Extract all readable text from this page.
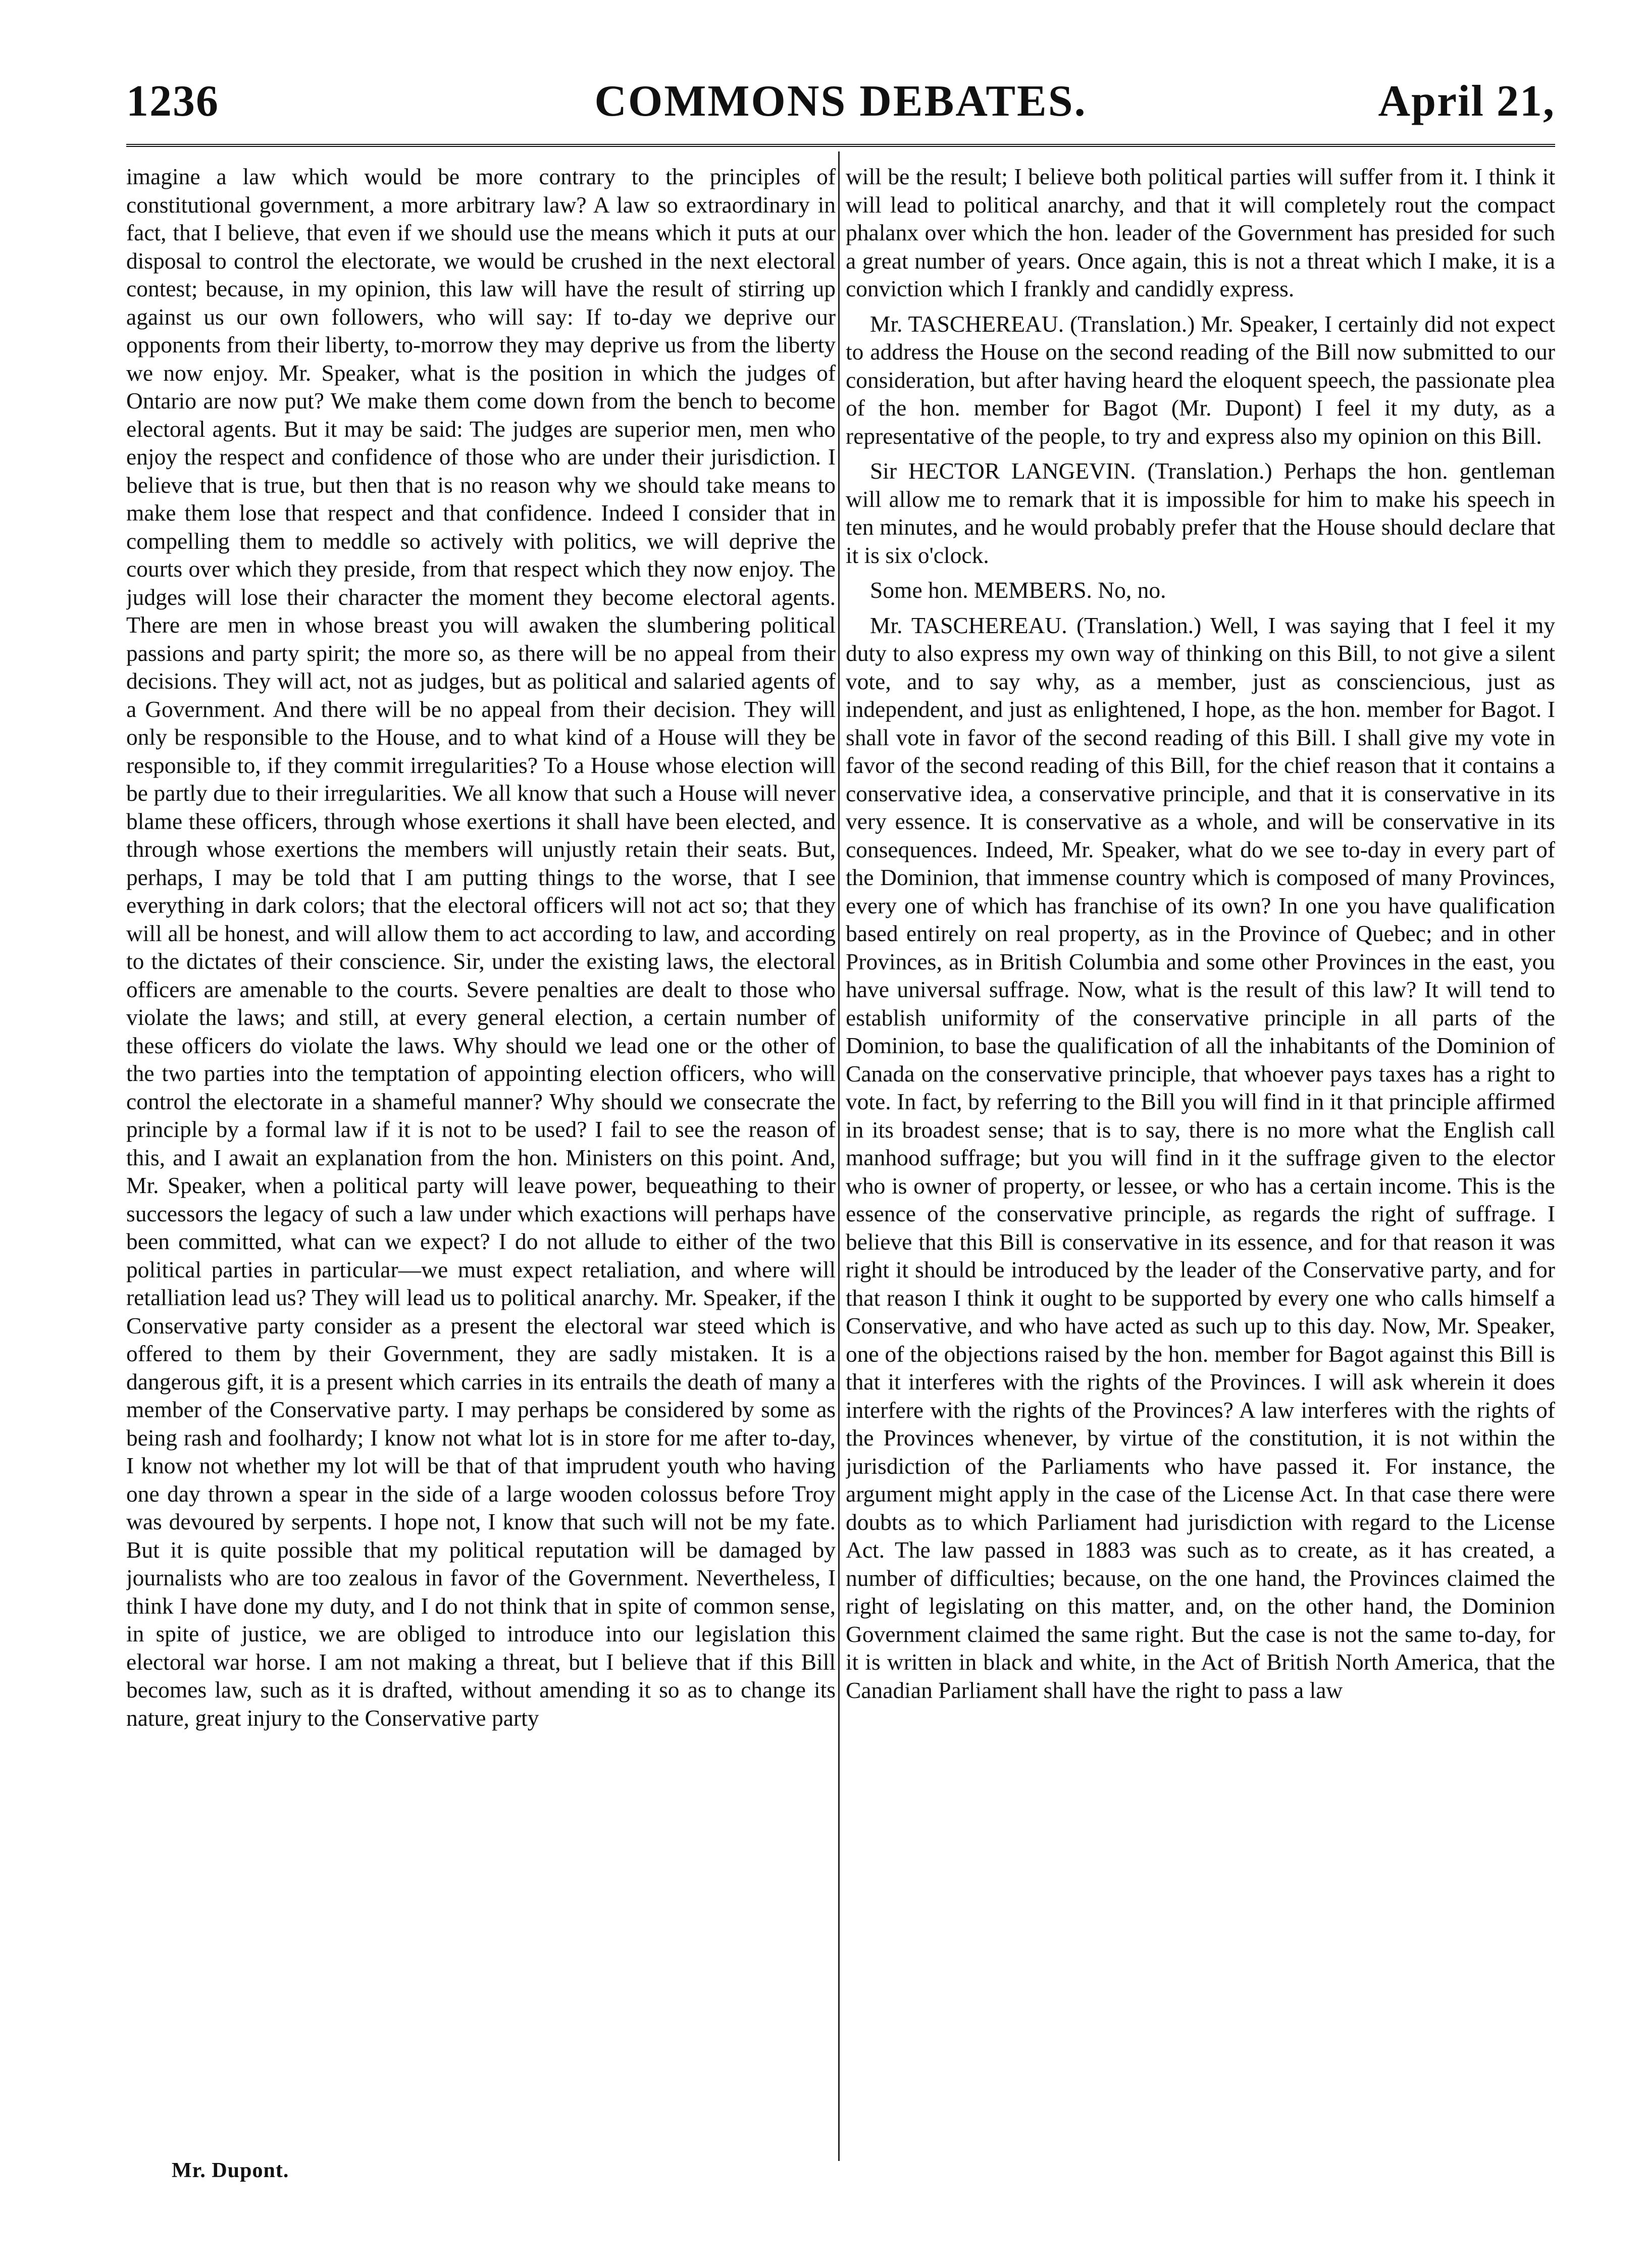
1236	COMMONS DEBATES.	April 21,

imagine a law which would be more contrary to the principles of constitutional government, a more arbitrary law? A law so extraordinary in fact, that I believe, that even if we should use the means which it puts at our disposal to control the electorate, we would be crushed in the next electoral contest; because, in my opinion, this law will have the result of stirring up against us our own followers, who will say: If to-day we deprive our opponents from their liberty, to-morrow they may deprive us from the liberty we now enjoy. Mr. Speaker, what is the position in which the judges of Ontario are now put? We make them come down from the bench to become electoral agents. But it may be said: The judges are superior men, men who enjoy the respect and confidence of those who are under their jurisdiction. I believe that is true, but then that is no reason why we should take means to make them lose that respect and that confidence. Indeed I consider that in compelling them to meddle so actively with politics, we will deprive the courts over which they preside, from that respect which they now enjoy. The judges will lose their character the moment they become electoral agents. There are men in whose breast you will awaken the slumbering political passions and party spirit; the more so, as there will be no appeal from their decisions. They will act, not as judges, but as political and salaried agents of a Government. And there will be no appeal from their decision. They will only be responsible to the House, and to what kind of a House will they be responsible to, if they commit irregularities? To a House whose election will be partly due to their irregularities. We all know that such a House will never blame these officers, through whose exertions it shall have been elected, and through whose exertions the members will unjustly retain their seats. But, perhaps, I may be told that I am putting things to the worse, that I see everything in dark colors; that the electoral officers will not act so; that they will all be honest, and will allow them to act according to law, and according to the dictates of their conscience. Sir, under the existing laws, the electoral officers are amenable to the courts. Severe penalties are dealt to those who violate the laws; and still, at every general election, a certain number of these officers do violate the laws. Why should we lead one or the other of the two parties into the temptation of appointing election officers, who will control the electorate in a shameful manner? Why should we consecrate the principle by a formal law if it is not to be used? I fail to see the reason of this, and I await an explanation from the hon. Ministers on this point. And, Mr. Speaker, when a political party will leave power, bequeathing to their successors the legacy of such a law under which exactions will perhaps have been committed, what can we expect? I do not allude to either of the two political parties in particular—we must expect retaliation, and where will retalliation lead us? They will lead us to political anarchy. Mr. Speaker, if the Conservative party consider as a present the electoral war steed which is offered to them by their Government, they are sadly mistaken. It is a dangerous gift, it is a present which carries in its entrails the death of many a member of the Conservative party. I may perhaps be considered by some as being rash and foolhardy; I know not what lot is in store for me after to-day, I know not whether my lot will be that of that imprudent youth who having one day thrown a spear in the side of a large wooden colossus before Troy was devoured by serpents. I hope not, I know that such will not be my fate. But it is quite possible that my political reputation will be damaged by journalists who are too zealous in favor of the Government. Nevertheless, I think I have done my duty, and I do not think that in spite of common sense, in spite of justice, we are obliged to introduce into our legislation this electoral war horse. I am not making a threat, but I believe that if this Bill becomes law, such as it is drafted, without amending it so as to change its nature, great injury to the Conservative party

will be the result; I believe both political parties will suffer from it. I think it will lead to political anarchy, and that it will completely rout the compact phalanx over which the hon. leader of the Government has presided for such a great number of years. Once again, this is not a threat which I make, it is a conviction which I frankly and candidly express.

Mr. TASCHEREAU. (Translation.) Mr. Speaker, I certainly did not expect to address the House on the second reading of the Bill now submitted to our consideration, but after having heard the eloquent speech, the passionate plea of the hon. member for Bagot (Mr. Dupont) I feel it my duty, as a representative of the people, to try and express also my opinion on this Bill.

Sir HECTOR LANGEVIN. (Translation.) Perhaps the hon. gentleman will allow me to remark that it is impossible for him to make his speech in ten minutes, and he would probably prefer that the House should declare that it is six o'clock.

Some hon. MEMBERS. No, no.

Mr. TASCHEREAU. (Translation.) Well, I was saying that I feel it my duty to also express my own way of thinking on this Bill, to not give a silent vote, and to say why, as a member, just as consciencious, just as independent, and just as enlightened, I hope, as the hon. member for Bagot. I shall vote in favor of the second reading of this Bill. I shall give my vote in favor of the second reading of this Bill, for the chief reason that it contains a conservative idea, a conservative principle, and that it is conservative in its very essence. It is conservative as a whole, and will be conservative in its consequences. Indeed, Mr. Speaker, what do we see to-day in every part of the Dominion, that immense country which is composed of many Provinces, every one of which has franchise of its own? In one you have qualification based entirely on real property, as in the Province of Quebec; and in other Provinces, as in British Columbia and some other Provinces in the east, you have universal suffrage. Now, what is the result of this law? It will tend to establish uniformity of the conservative principle in all parts of the Dominion, to base the qualification of all the inhabitants of the Dominion of Canada on the conservative principle, that whoever pays taxes has a right to vote. In fact, by referring to the Bill you will find in it that principle affirmed in its broadest sense; that is to say, there is no more what the English call manhood suffrage; but you will find in it the suffrage given to the elector who is owner of property, or lessee, or who has a certain income. This is the essence of the conservative principle, as regards the right of suffrage. I believe that this Bill is conservative in its essence, and for that reason it was right it should be introduced by the leader of the Conservative party, and for that reason I think it ought to be supported by every one who calls himself a Conservative, and who have acted as such up to this day. Now, Mr. Speaker, one of the objections raised by the hon. member for Bagot against this Bill is that it interferes with the rights of the Provinces. I will ask wherein it does interfere with the rights of the Provinces? A law interferes with the rights of the Provinces whenever, by virtue of the constitution, it is not within the jurisdiction of the Parliaments who have passed it. For instance, the argument might apply in the case of the License Act. In that case there were doubts as to which Parliament had jurisdiction with regard to the License Act. The law passed in 1883 was such as to create, as it has created, a number of difficulties; because, on the one hand, the Provinces claimed the right of legislating on this matter, and, on the other hand, the Dominion Government claimed the same right. But the case is not the same to-day, for it is written in black and white, in the Act of British North America, that the Canadian Parliament shall have the right to pass a law

Mr. Dupont.
